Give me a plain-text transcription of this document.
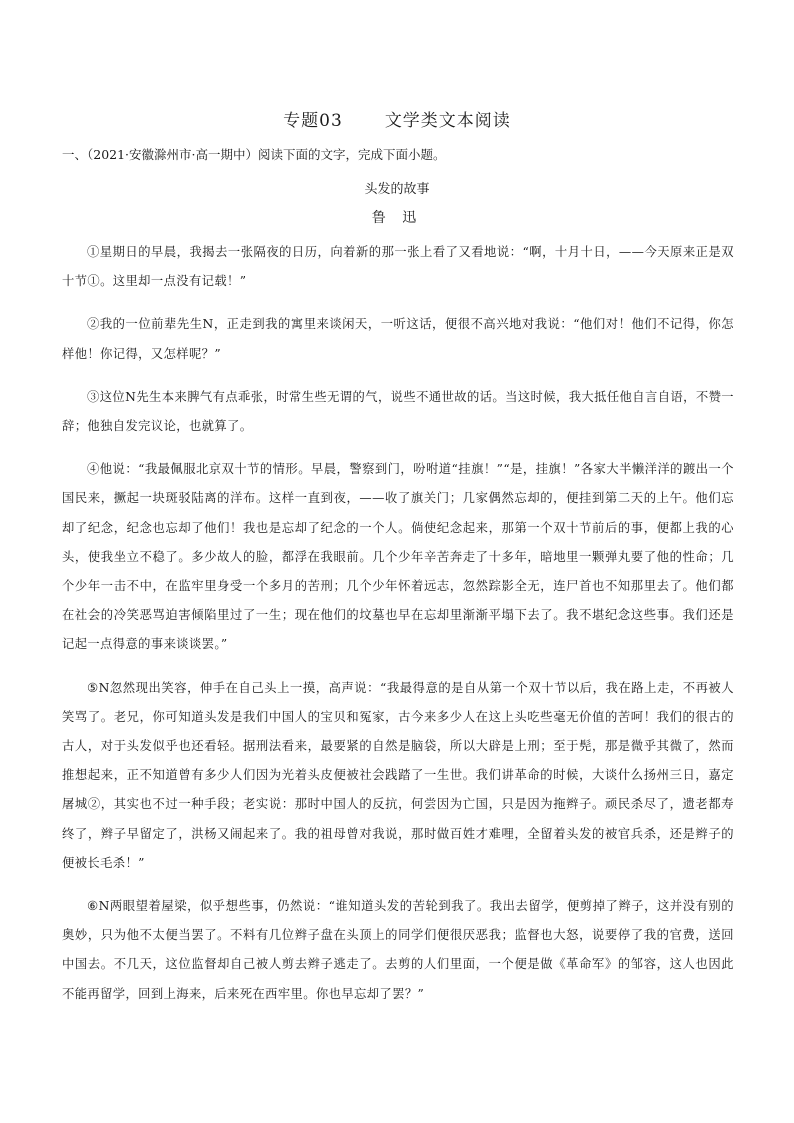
专题03 文学类文本阅读
一、（2021·安徽滁州市·高一期中）阅读下面的文字，完成下面小题。
头发的故事
鲁 迅

①星期日的早晨，我揭去一张隔夜的日历，向着新的那一张上看了又看地说：“啊，十月十日，——今天原来正是双十节①。这里却一点没有记载！”

②我的一位前辈先生N，正走到我的寓里来谈闲天，一听这话，便很不高兴地对我说：“他们对！他们不记得，你怎样他！你记得，又怎样呢？”

③这位N先生本来脾气有点乖张，时常生些无谓的气，说些不通世故的话。当这时候，我大抵任他自言自语，不赞一辞；他独自发完议论，也就算了。

④他说：“我最佩服北京双十节的情形。早晨，警察到门，吩咐道“挂旗！”“是，挂旗！”各家大半懒洋洋的踱出一个国民来，撅起一块斑驳陆离的洋布。这样一直到夜，——收了旗关门；几家偶然忘却的，便挂到第二天的上午。他们忘却了纪念，纪念也忘却了他们！我也是忘却了纪念的一个人。倘使纪念起来，那第一个双十节前后的事，便都上我的心头，使我坐立不稳了。多少故人的脸，都浮在我眼前。几个少年辛苦奔走了十多年，暗地里一颗弹丸要了他的性命；几个少年一击不中，在监牢里身受一个多月的苦刑；几个少年怀着远志，忽然踪影全无，连尸首也不知那里去了。他们都在社会的冷笑恶骂迫害倾陷里过了一生；现在他们的坟墓也早在忘却里渐渐平塌下去了。我不堪纪念这些事。我们还是记起一点得意的事来谈谈罢。”

⑤N忽然现出笑容，伸手在自己头上一摸，高声说：“我最得意的是自从第一个双十节以后，我在路上走，不再被人笑骂了。老兄，你可知道头发是我们中国人的宝贝和冤家，古今来多少人在这上头吃些毫无价值的苦呵！我们的很古的古人，对于头发似乎也还看轻。据刑法看来，最要紧的自然是脑袋，所以大辟是上刑；至于髡，那是微乎其微了，然而推想起来，正不知道曾有多少人们因为光着头皮便被社会践踏了一生世。我们讲革命的时候，大谈什么扬州三日，嘉定屠城②，其实也不过一种手段；老实说：那时中国人的反抗，何尝因为亡国，只是因为拖辫子。顽民杀尽了，遗老都寿终了，辫子早留定了，洪杨又闹起来了。我的祖母曾对我说，那时做百姓才难哩，全留着头发的被官兵杀，还是辫子的便被长毛杀！”

⑥N两眼望着屋梁，似乎想些事，仍然说：“谁知道头发的苦轮到我了。我出去留学，便剪掉了辫子，这并没有别的奥妙，只为他不太便当罢了。不料有几位辫子盘在头顶上的同学们便很厌恶我；监督也大怒，说要停了我的官费，送回中国去。不几天，这位监督却自己被人剪去辫子逃走了。去剪的人们里面，一个便是做《革命军》的邹容，这人也因此不能再留学，回到上海来，后来死在西牢里。你也早忘却了罢？”
